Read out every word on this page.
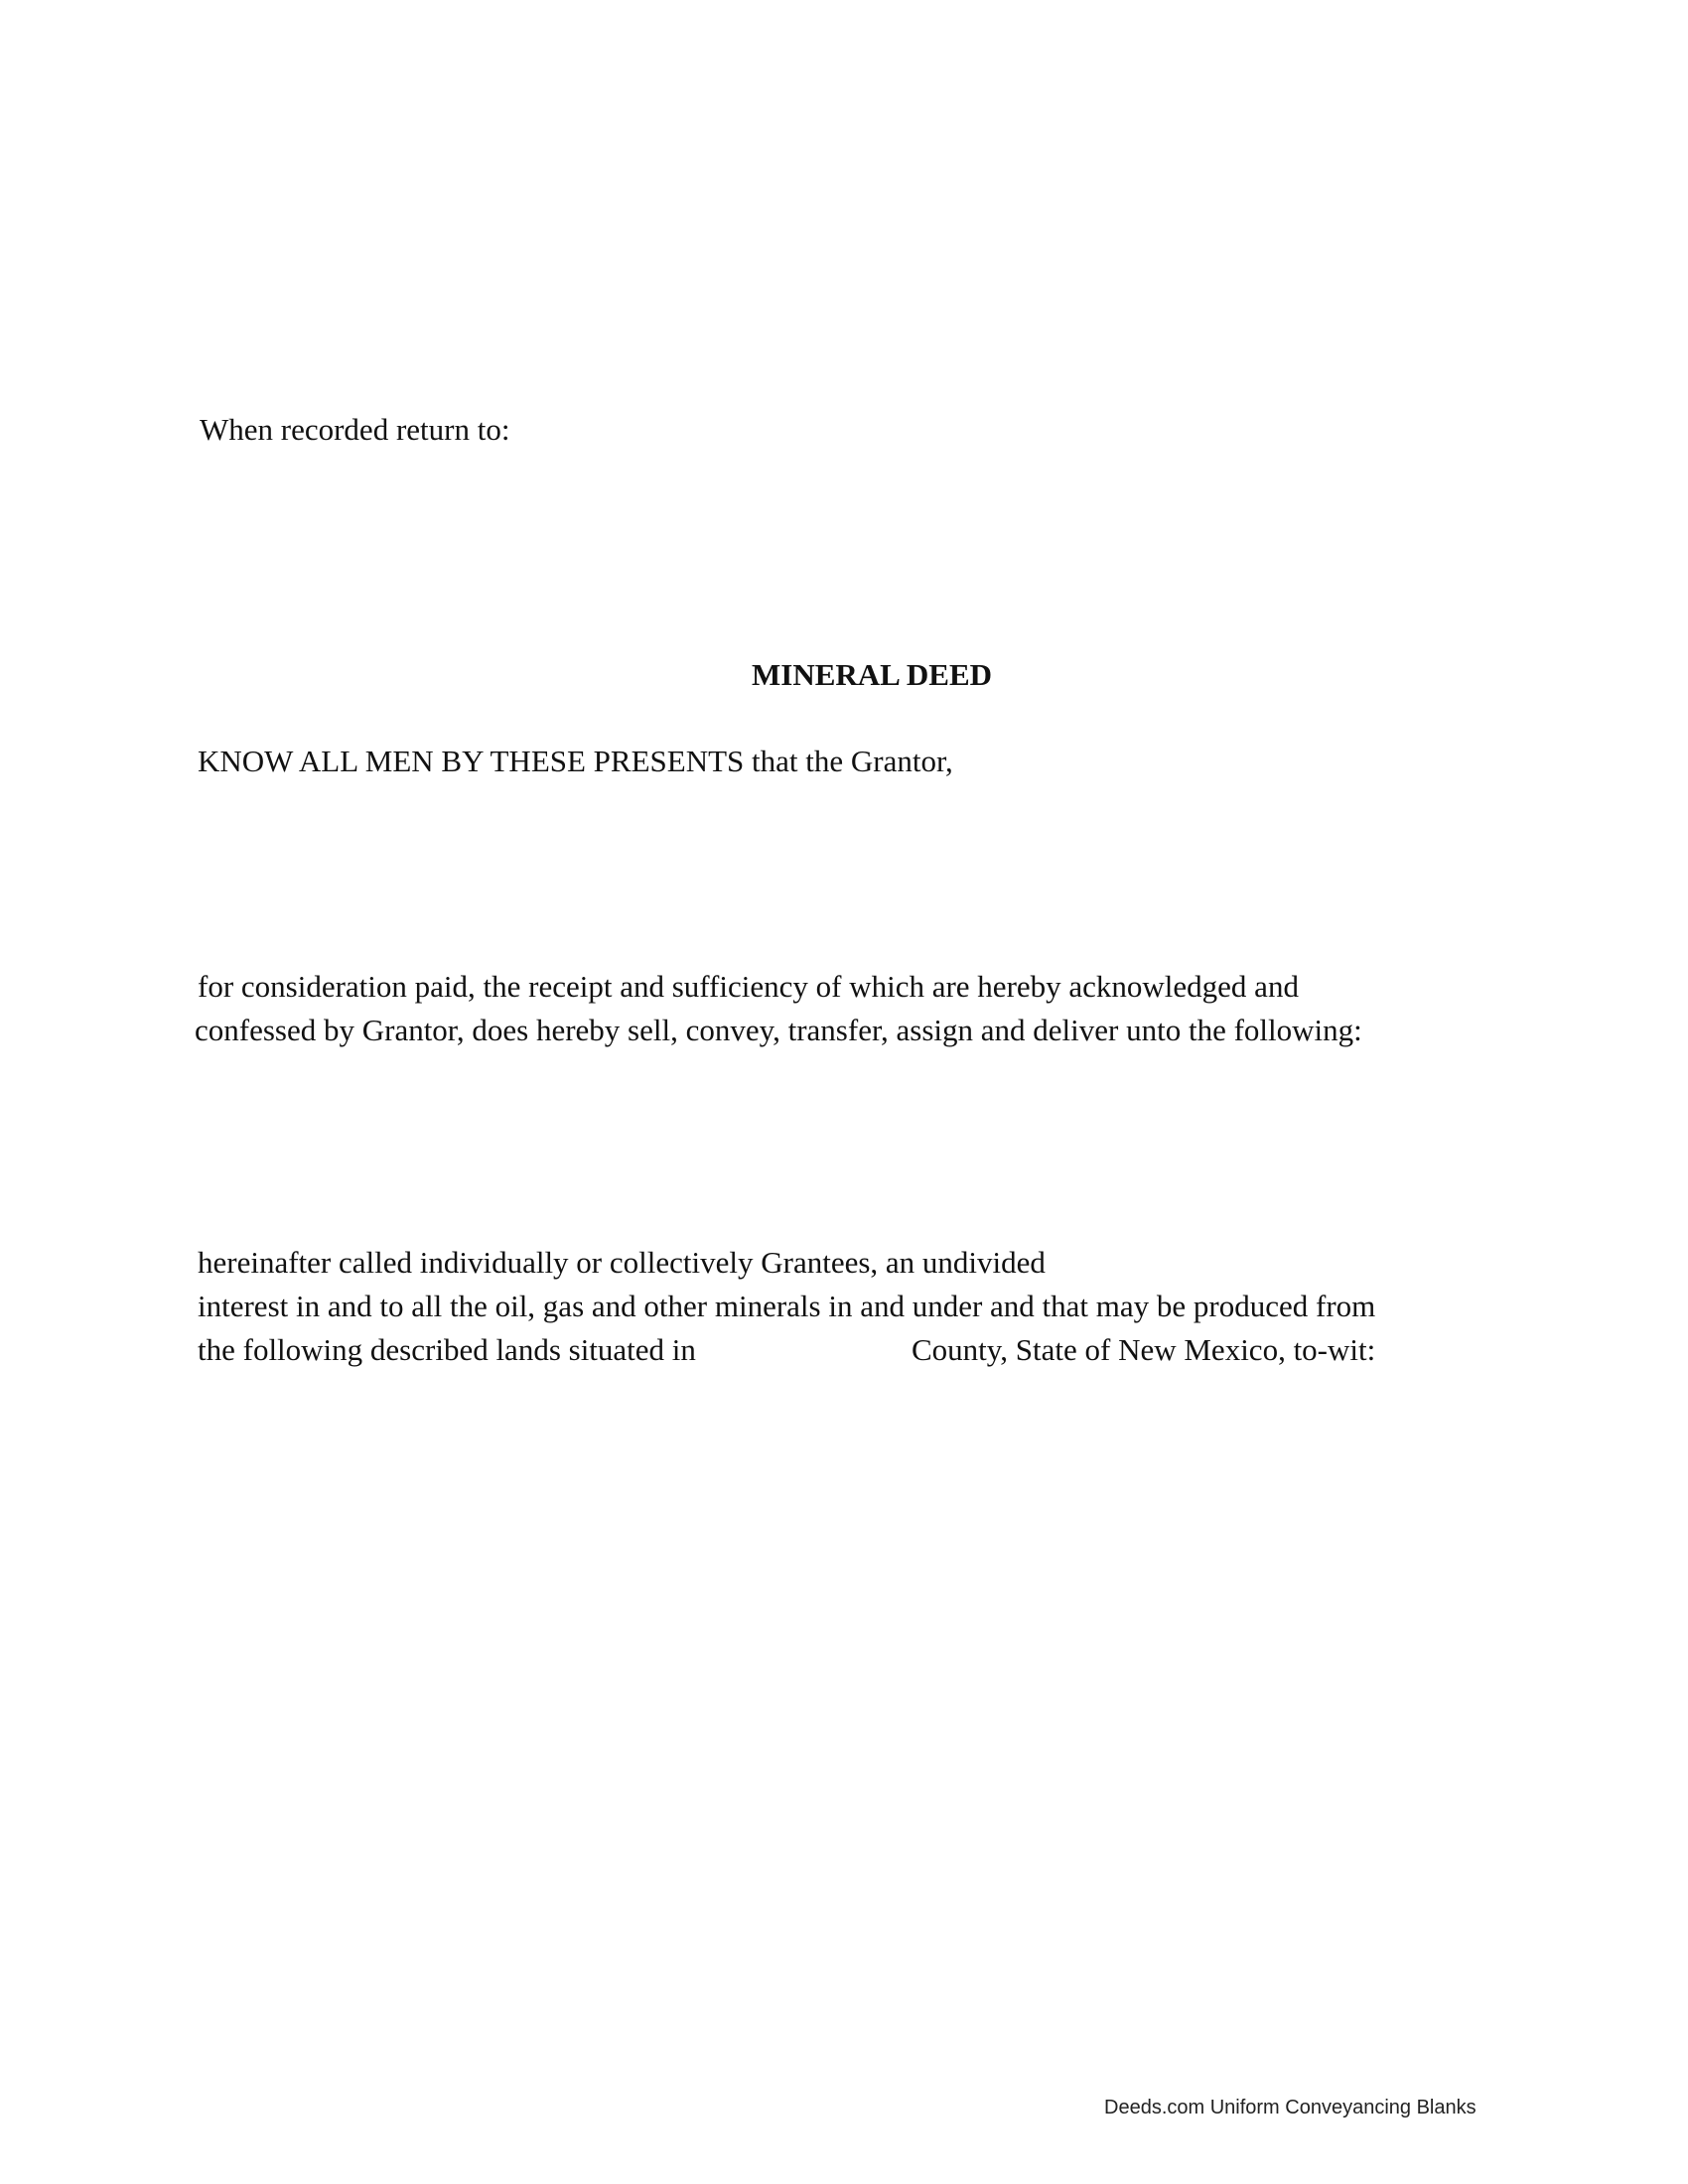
When recorded return to:
MINERAL DEED
KNOW ALL MEN BY THESE PRESENTS that the Grantor,
for consideration paid, the receipt and sufficiency of which are hereby acknowledged and
confessed by Grantor, does hereby sell, convey, transfer, assign and deliver unto the following:
hereinafter called individually or collectively Grantees, an undivided
interest in and to all the oil, gas and other minerals in and under and that may be produced from
the following described lands situated in	County, State of New Mexico, to-wit:
Deeds.com Uniform Conveyancing Blanks
